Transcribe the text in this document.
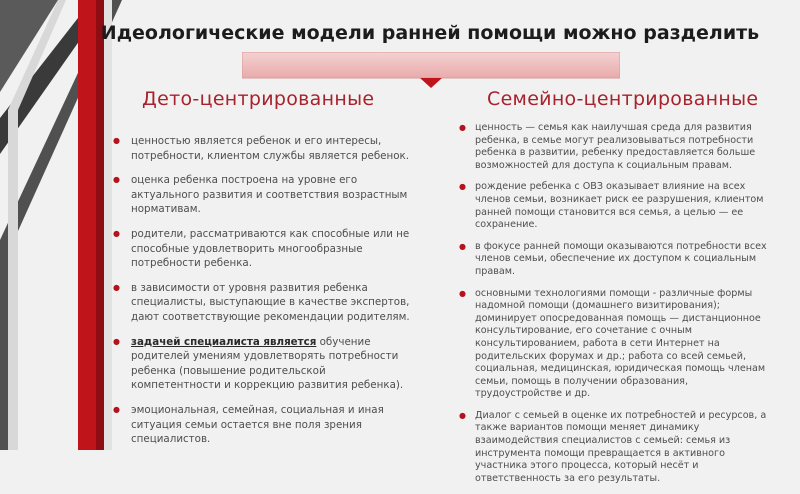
Идеологические модели ранней помощи можно разделить
Дето-центрированные	Семейно-центрированные
● ценностью является ребенок и его интересы, потребности, клиентом службы является ребенок.
● оценка ребенка построена на уровне его актуального развития и соответствия возрастным нормативам.
● родители, рассматриваются как способные или не способные удовлетворить многообразные потребности ребенка.
● в зависимости от уровня развития ребенка специалисты, выступающие в качестве экспертов, дают соответствующие рекомендации родителям.
● задачей специалиста является обучение родителей умениям удовлетворять потребности ребенка (повышение родительской компетентности и коррекцию развития ребенка).
● эмоциональная, семейная, социальная и иная ситуация семьи остается вне поля зрения специалистов.
● ценность — семья как наилучшая среда для развития ребенка, в семье могут реализовываться потребности ребенка в развитии, ребенку предоставляется больше возможностей для доступа к социальным правам.
● рождение ребенка с ОВЗ оказывает влияние на всех членов семьи, возникает риск ее разрушения, клиентом ранней помощи становится вся семья, а целью — ее сохранение.
● в фокусе ранней помощи оказываются потребности всех членов семьи, обеспечение их доступом к социальным правам.
● основными технологиями помощи - различные формы надомной помощи (домашнего визитирования); доминирует опосредованная помощь — дистанционное консультирование, его сочетание с очным консультированием, работа в сети Интернет на родительских форумах и др.; работа со всей семьей, социальная, медицинская, юридическая помощь членам семьи, помощь в получении образования, трудоустройстве и др.
● Диалог с семьей в оценке их потребностей и ресурсов, а также вариантов помощи меняет динамику взаимодействия специалистов с семьей: семья из инструмента помощи превращается в активного участника этого процесса, который несёт и ответственность за его результаты.
